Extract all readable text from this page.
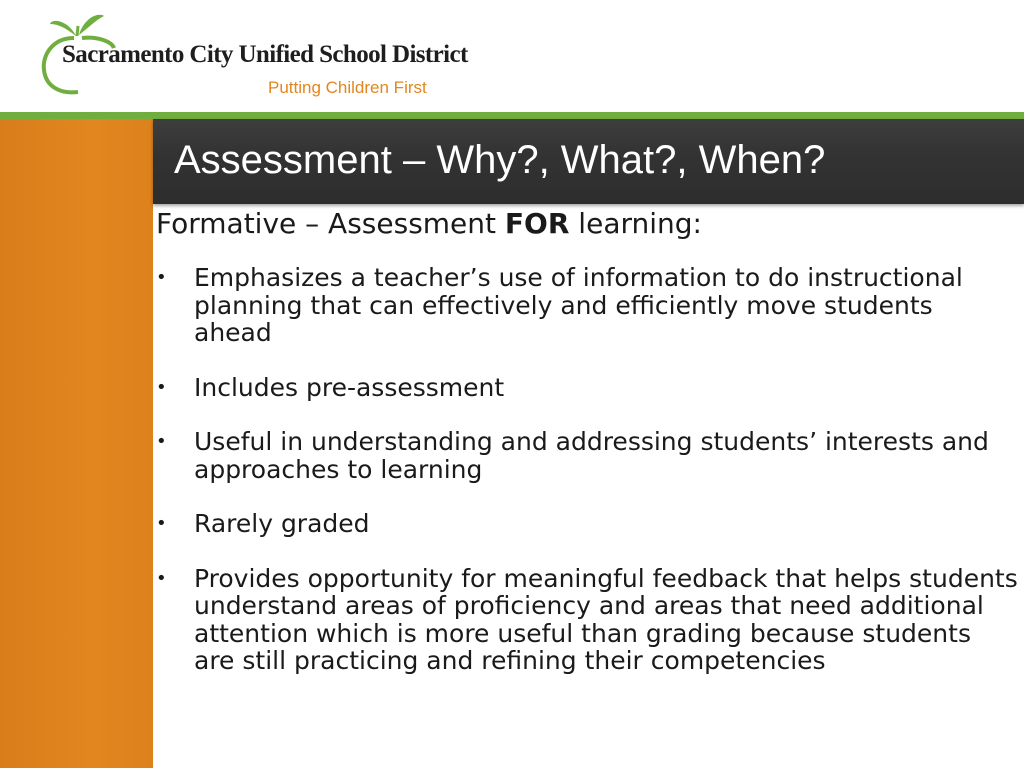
Sacramento City Unified School District
Putting Children First
Assessment – Why?, What?, When?
Formative – Assessment FOR learning:
• Emphasizes a teacher’s use of information to do instructional planning that can effectively and efficiently move students ahead
• Includes pre-assessment
• Useful in understanding and addressing students’ interests and approaches to learning
• Rarely graded
• Provides opportunity for meaningful feedback that helps students understand areas of proficiency and areas that need additional attention which is more useful than grading because students are still practicing and refining their competencies
